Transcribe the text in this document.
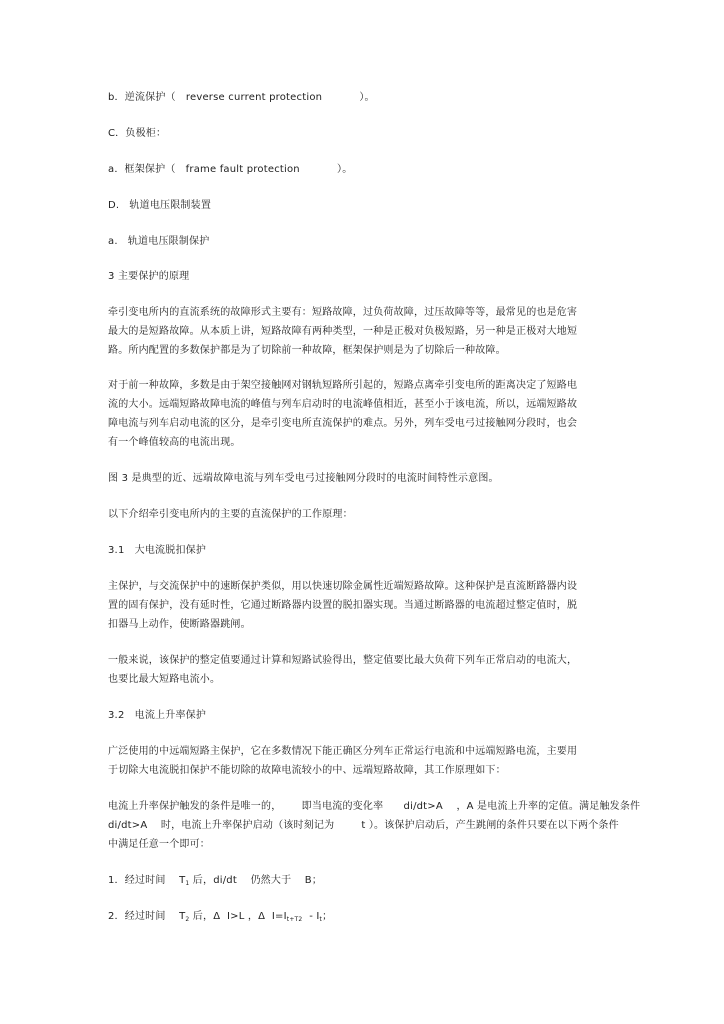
b．逆流保护（   reverse current protection           ）。
C．负极柜：
a．框架保护（   frame fault protection           ）。
D.   轨道电压限制装置
a.   轨道电压限制保护
3 主要保护的原理
牵引变电所内的直流系统的故障形式主要有：短路故障，过负荷故障，过压故障等等，最常见的也是危害
最大的是短路故障。从本质上讲，短路故障有两种类型，一种是正极对负极短路，另一种是正极对大地短
路。所内配置的多数保护都是为了切除前一种故障，框架保护则是为了切除后一种故障。
对于前一种故障，多数是由于架空接触网对钢轨短路所引起的，短路点离牵引变电所的距离决定了短路电
流的大小。远端短路故障电流的峰值与列车启动时的电流峰值相近，甚至小于该电流，所以，远端短路故
障电流与列车启动电流的区分，是牵引变电所直流保护的难点。另外，列车受电弓过接触网分段时，也会
有一个峰值较高的电流出现。
图 3 是典型的近、远端故障电流与列车受电弓过接触网分段时的电流时间特性示意图。
以下介绍牵引变电所内的主要的直流保护的工作原理：
3.1   大电流脱扣保护
主保护，与交流保护中的速断保护类似，用以快速切除金属性近端短路故障。这种保护是直流断路器内设
置的固有保护，没有延时性，它通过断路器内设置的脱扣器实现。当通过断路器的电流超过整定值时，脱
扣器马上动作，使断路器跳闸。
一般来说，该保护的整定值要通过计算和短路试验得出，整定值要比最大负荷下列车正常启动的电流大，
也要比最大短路电流小。
3.2   电流上升率保护
广泛使用的中远端短路主保护，它在多数情况下能正确区分列车正常运行电流和中远端短路电流，主要用
于切除大电流脱扣保护不能切除的故障电流较小的中、远端短路故障，其工作原理如下：
电流上升率保护触发的条件是唯一的，      即当电流的变化率      di/dt>A    ，A 是电流上升率的定值。满足触发条件
di/dt>A    时，电流上升率保护启动（该时刻记为        t ）。该保护启动后，产生跳闸的条件只要在以下两个条件
中满足任意一个即可：
1．经过时间    $T_1$ 后，di/dt    仍然大于    B；
2．经过时间    $T_2$ 后，Δ  I>L ，Δ  $I=I_{t+T2} - I_t$；
